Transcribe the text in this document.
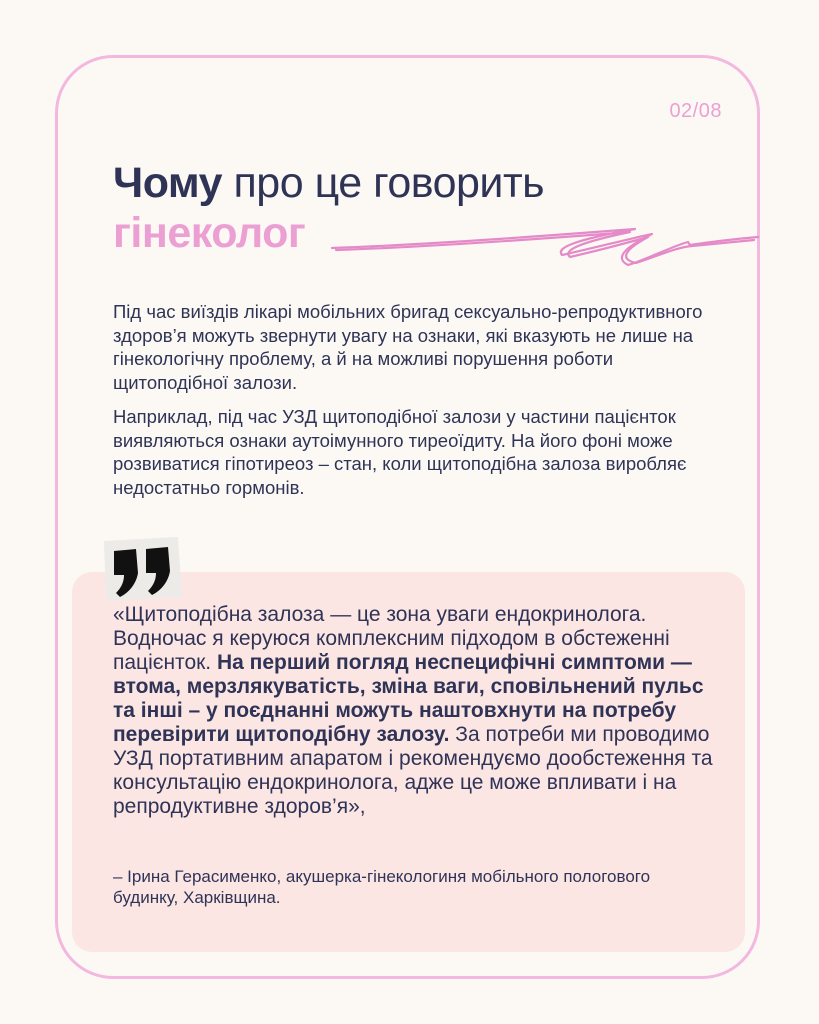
02/08
Чому про це говорить
гінеколог

Під час виїздів лікарі мобільних бригад сексуально-репродуктивного здоров’я можуть звернути увагу на ознаки, які вказують не лише на гінекологічну проблему, а й на можливі порушення роботи щитоподібної залози.

Наприклад, під час УЗД щитоподібної залози у частини пацієнток виявляються ознаки аутоімунного тиреоїдиту. На його фоні може розвиватися гіпотиреоз – стан, коли щитоподібна залоза виробляє недостатньо гормонів.

«Щитоподібна залоза — це зона уваги ендокринолога. Водночас я керуюся комплексним підходом в обстеженні пацієнток. На перший погляд неспецифічні симптоми — втома, мерзлякуватість, зміна ваги, сповільнений пульс та інші – у поєднанні можуть наштовхнути на потребу перевірити щитоподібну залозу. За потреби ми проводимо УЗД портативним апаратом і рекомендуємо дообстеження та консультацію ендокринолога, адже це може впливати і на репродуктивне здоров’я»,

– Ірина Герасименко, акушерка-гінекологиня мобільного пологового будинку, Харківщина.
